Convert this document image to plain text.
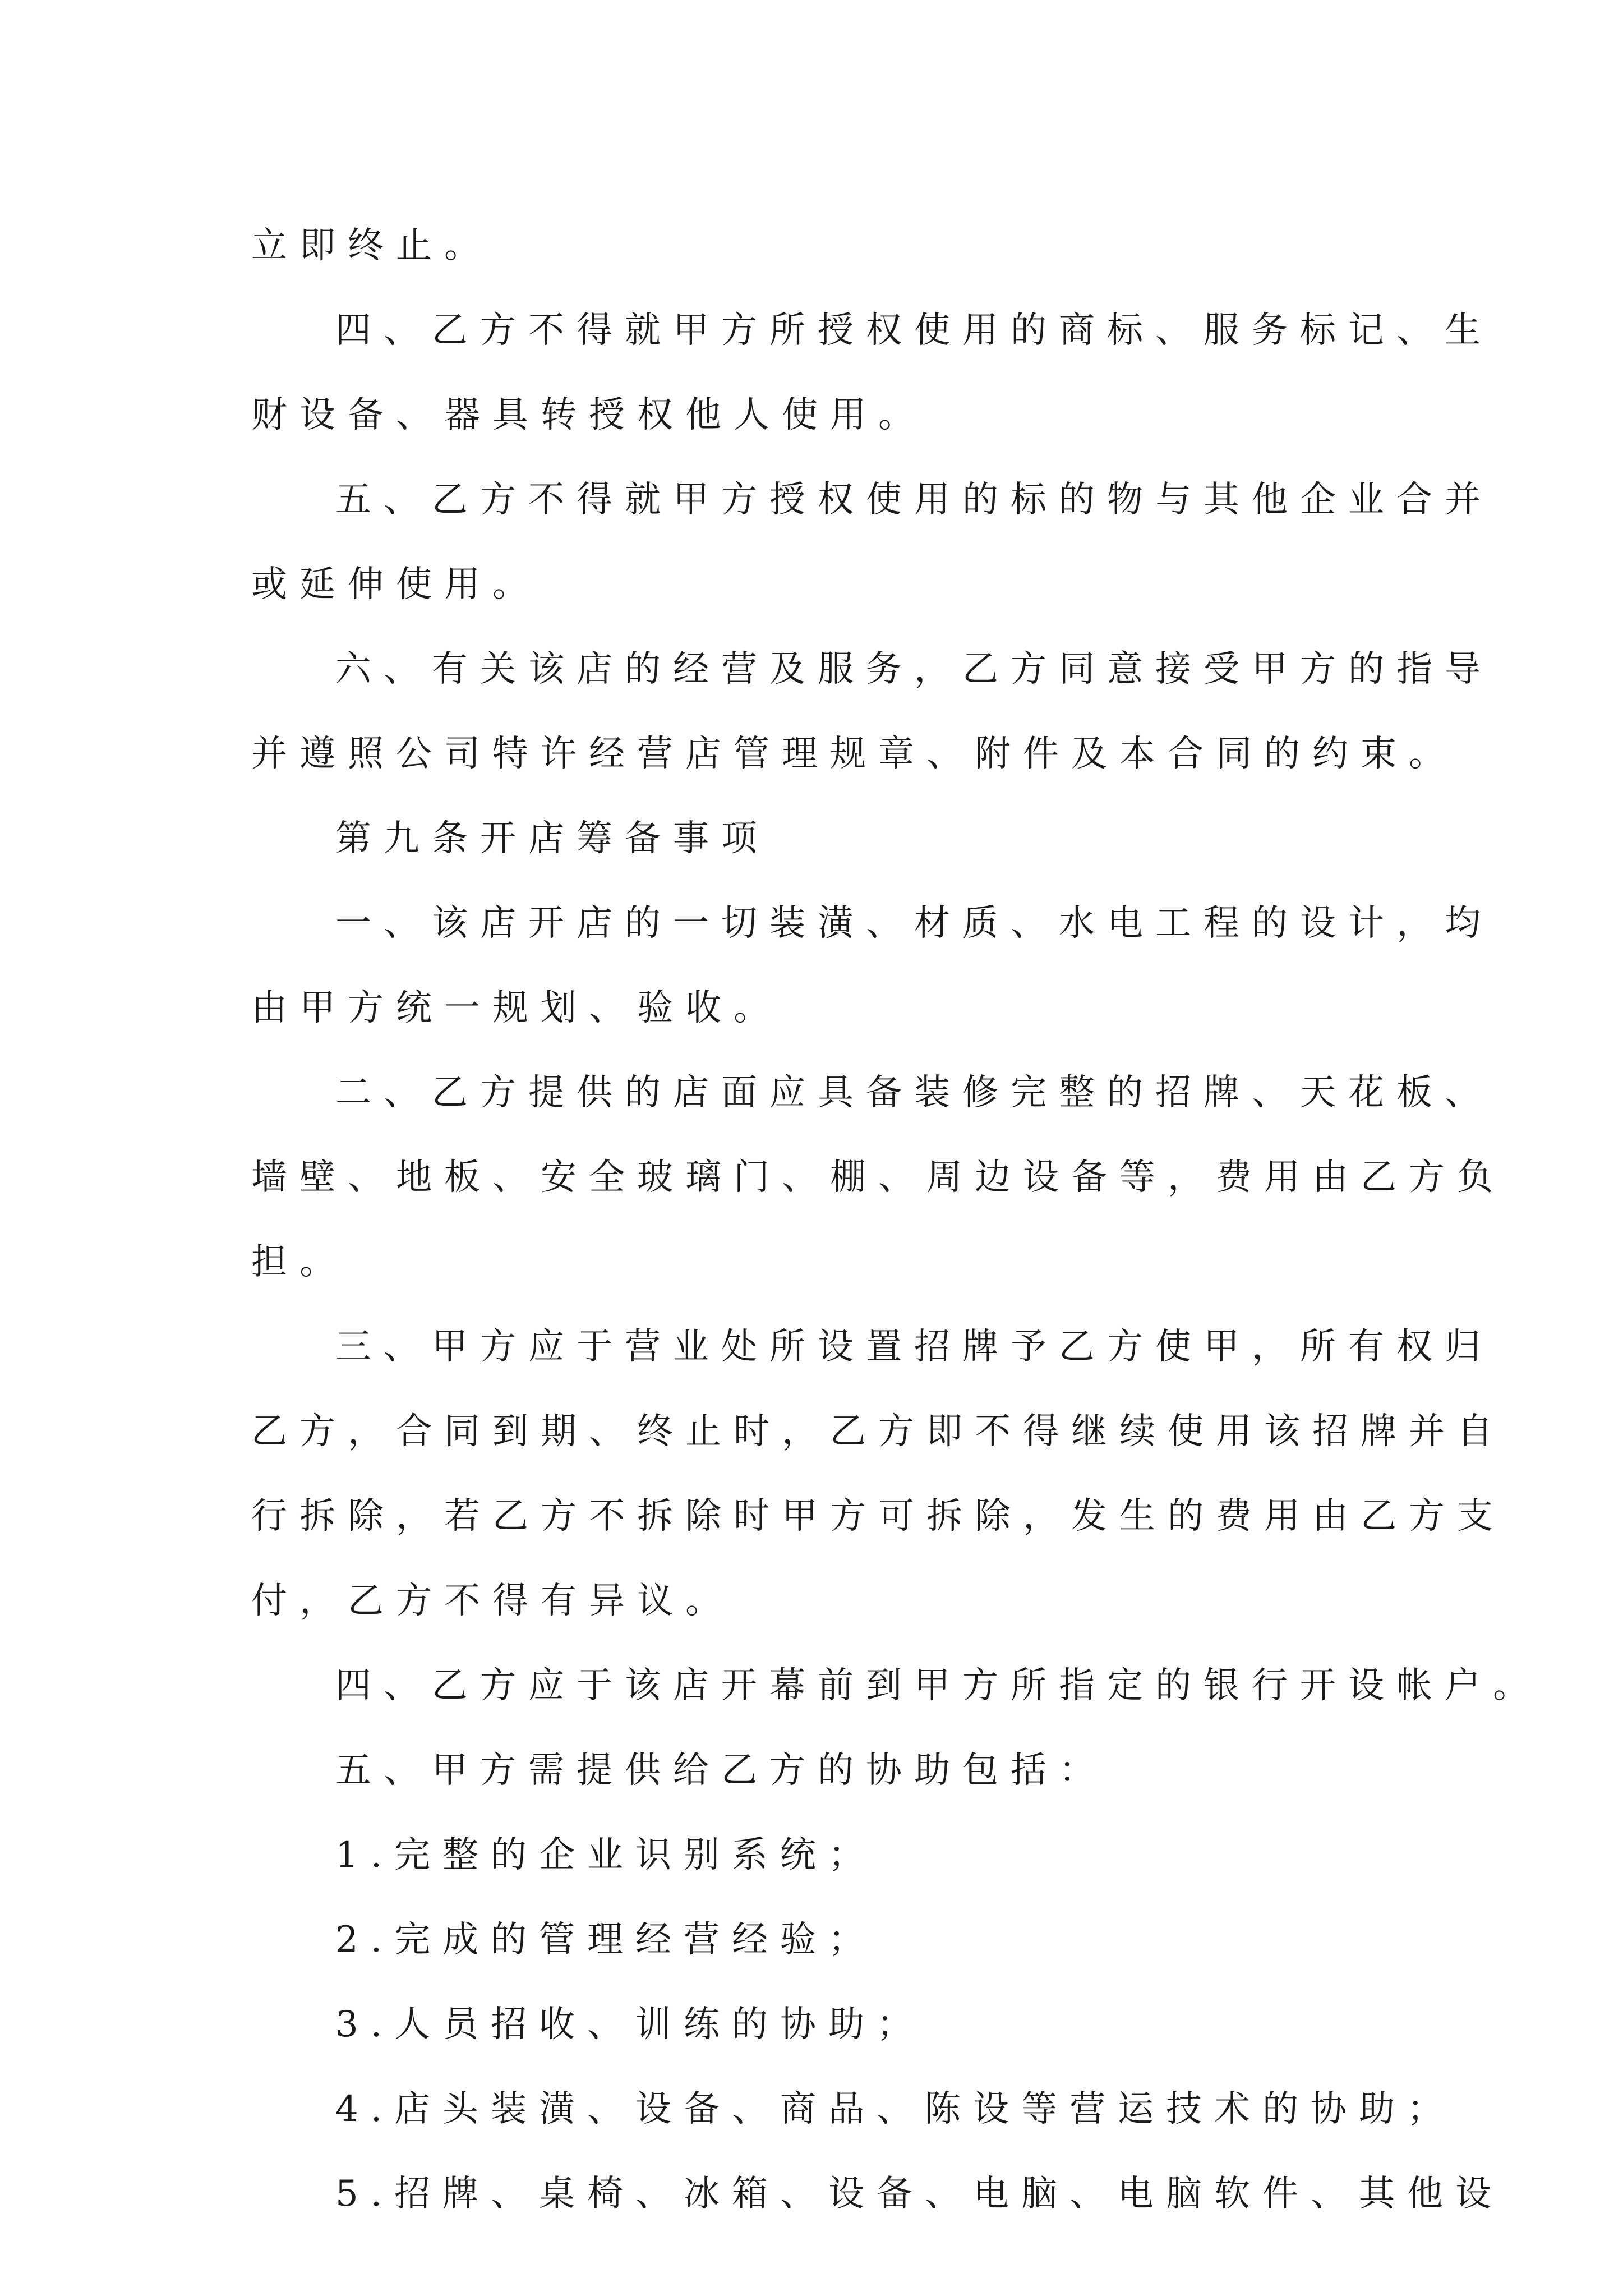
立即终止。
四、乙方不得就甲方所授权使用的商标、服务标记、生
财设备、器具转授权他人使用。
五、乙方不得就甲方授权使用的标的物与其他企业合并
或延伸使用。
六、有关该店的经营及服务，乙方同意接受甲方的指导
并遵照公司特许经营店管理规章、附件及本合同的约束。
第九条开店筹备事项
一、该店开店的一切装潢、材质、水电工程的设计，均
由甲方统一规划、验收。
二、乙方提供的店面应具备装修完整的招牌、天花板、
墙壁、地板、安全玻璃门、棚、周边设备等，费用由乙方负
担。
三、甲方应于营业处所设置招牌予乙方使甲，所有权归
乙方，合同到期、终止时，乙方即不得继续使用该招牌并自
行拆除，若乙方不拆除时甲方可拆除，发生的费用由乙方支
付，乙方不得有异议。
四、乙方应于该店开幕前到甲方所指定的银行开设帐户。
五、甲方需提供给乙方的协助包括：
1.完整的企业识别系统；
2.完成的管理经营经验；
3.人员招收、训练的协助；
4.店头装潢、设备、商品、陈设等营运技术的协助；
5.招牌、桌椅、冰箱、设备、电脑、电脑软件、其他设
